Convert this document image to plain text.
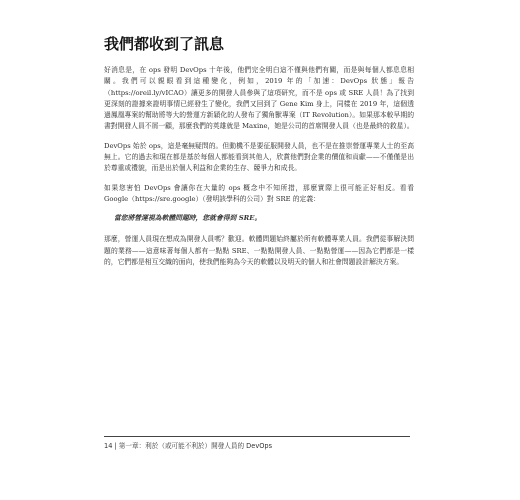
我們都收到了訊息

好消息是，在 ops 發明 DevOps 十年後，他們完全明白這不僅與他們有關，而是與每個人都息息相關。我們可以親眼看到這種變化，例如，2019 年的「加速：DevOps 狀態」報告（https://oreil.ly/vICAO）讓更多的開發人員參與了這項研究，而不是 ops 或 SRE 人員！為了找到更深刻的證據來證明事情已經發生了變化，我們又回到了 Gene Kim 身上，同樣在 2019 年，這個透過鳳凰專案的幫助將等大的營運方新穎化的人發布了獨角獸專案（IT Revolution）。如果那本較早期的書對開發人員不屑一顧，那麼我們的英雄就是 Maxine，她是公司的首席開發人員（也是最終的救星）。

DevOps 始於 ops，這是毫無疑問的。但動機不是要征服開發人員，也不是在推崇營運專業人士的至高無上。它的過去和現在都是基於每個人都能看到其他人，欣賞他們對企業的價值和貢獻——不僅僅是出於尊重或禮貌，而是出於個人利益和企業的生存、競爭力和成長。

如果您害怕 DevOps 會讓你在大量的 ops 概念中不知所措，那麼實際上很可能正好相反。看看 Google（https://sre.google）（發明該學科的公司）對 SRE 的定義：

當您將營運視為軟體問題時，您就會得到 SRE。

那麼，營運人員現在想成為開發人員嗎？歡迎。軟體問題始終屬於所有軟體專業人員。我們從事解決問題的業務——這意味著每個人都有一點點 SRE、一點點開發人員、一點點營運——因為它們都是一樣的，它們都是相互交織的面向，使我們能夠為今天的軟體以及明天的個人和社會問題設計解決方案。

14 | 第一章：利於（或可能不利於）開發人員的 DevOps
